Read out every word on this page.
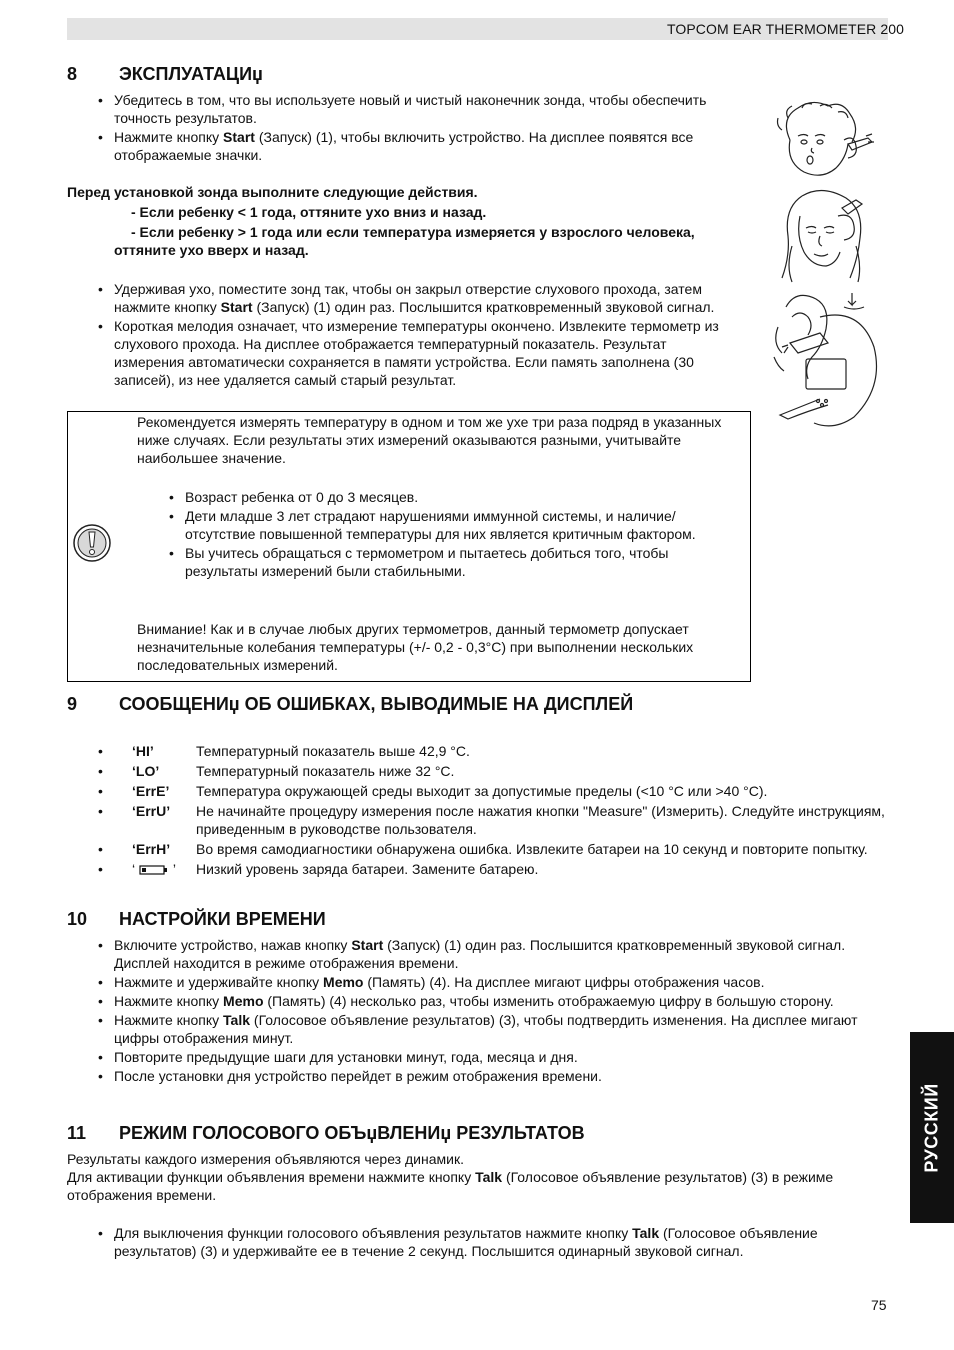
TOPCOM EAR THERMOMETER 200
8 ЭКСПЛУАТАЦИџ
• Убедитесь в том, что вы используете новый и чистый наконечник зонда, чтобы обеспечить точность результатов.
• Нажмите кнопку Start (Запуск) (1), чтобы включить устройство. На дисплее появятся все отображаемые значки.

Перед установкой зонда выполните следующие действия.

- Если ребенку < 1 года, оттяните ухо вниз и назад.

- Если ребенку > 1 года или если температура измеряется у взрослого человека, оттяните ухо вверх и назад.

• Удерживая ухо, поместите зонд так, чтобы он закрыл отверстие слухового прохода, затем нажмите кнопку Start (Запуск) (1) один раз. Послышится кратковременный звуковой сигнал.
• Короткая мелодия означает, что измерение температуры окончено. Извлеките термометр из слухового прохода. На дисплее отображается температурный показатель. Результат измерения автоматически сохраняется в памяти устройства. Если память заполнена (30 записей), из нее удаляется самый старый результат.

Рекомендуется измерять температуру в одном и том же ухе три раза подряд в указанных ниже случаях. Если результаты этих измерений оказываются разными, учитывайте наибольшее значение.

• Возраст ребенка от 0 до 3 месяцев.
• Дети младше 3 лет страдают нарушениями иммунной системы, и наличие/ отсутствие повышенной температуры для них является критичным фактором.
• Вы учитесь обращаться с термометром и пытаетесь добиться того, чтобы результаты измерений были стабильными.

Внимание! Как и в случае любых других термометров, данный термометр допускает незначительные колебания температуры (+/- 0,2 - 0,3°C) при выполнении нескольких последовательных измерений.

9 СООБЩЕНИџ ОБ ОШИБКАХ, ВЫВОДИМЫЕ НА ДИСПЛЕЙ
• ‘HI’	Температурный показатель выше 42,9 °C.
• ‘LO’	Температурный показатель ниже 32 °C.
• ‘ErrE’ Температура окружающей среды выходит за допустимые пределы (<10 °C или >40 °C).
• ‘ErrU’ Не начинайте процедуру измерения после нажатия кнопки "Measure" (Измерить). Следуйте инструкциям, приведенным в руководстве пользователя.
• ‘ErrH’ Во время самодиагностики обнаружена ошибка. Извлеките батареи на 10 секунд и повторите попытку.
• ‘  ’ Низкий уровень заряда батареи. Замените батарею.
10 НАСТРОЙКИ ВРЕМЕНИ
• Включите устройство, нажав кнопку Start (Запуск) (1) один раз. Послышится кратковременный звуковой сигнал. Дисплей находится в режиме отображения времени.
• Нажмите и удерживайте кнопку Memo (Память) (4). На дисплее мигают цифры отображения часов.
• Нажмите кнопку Memo (Память) (4) несколько раз, чтобы изменить отображаемую цифру в большую сторону.
• Нажмите кнопку Talk (Голосовое объявление результатов) (3), чтобы подтвердить изменения. На дисплее мигают цифры отображения минут.
• Повторите предыдущие шаги для установки минут, года, месяца и дня.
• После установки дня устройство перейдет в режим отображения времени.
11 РЕЖИМ ГОЛОСОВОГО ОБЪџВЛЕНИџ РЕЗУЛЬТАТОВ

Результаты каждого измерения объявляются через динамик.

Для активации функции объявления времени нажмите кнопку Talk (Голосовое объявление результатов) (3) в режиме отображения времени.

• Для выключения функции голосового объявления результатов нажмите кнопку Talk (Голосовое объявление результатов) (3) и удерживайте ее в течение 2 секунд. Послышится одинарный звуковой сигнал.
РУССКИЙ
75
